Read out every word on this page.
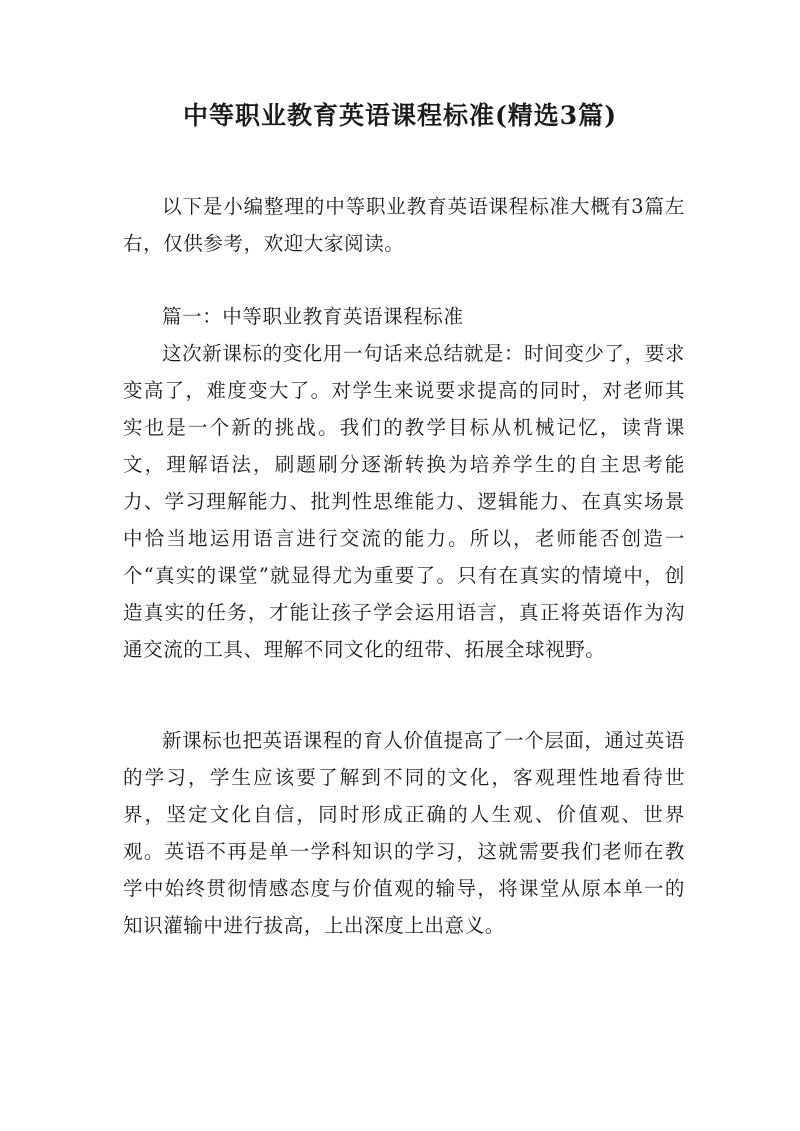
中等职业教育英语课程标准(精选3篇)

以下是小编整理的中等职业教育英语课程标准大概有3篇左右，仅供参考，欢迎大家阅读。

篇一：中等职业教育英语课程标准

这次新课标的变化用一句话来总结就是：时间变少了，要求变高了，难度变大了。对学生来说要求提高的同时，对老师其实也是一个新的挑战。我们的教学目标从机械记忆，读背课文，理解语法，刷题刷分逐渐转换为培养学生的自主思考能力、学习理解能力、批判性思维能力、逻辑能力、在真实场景中恰当地运用语言进行交流的能力。所以，老师能否创造一个“真实的课堂”就显得尤为重要了。只有在真实的情境中，创造真实的任务，才能让孩子学会运用语言，真正将英语作为沟通交流的工具、理解不同文化的纽带、拓展全球视野。

新课标也把英语课程的育人价值提高了一个层面，通过英语的学习，学生应该要了解到不同的文化，客观理性地看待世界，坚定文化自信，同时形成正确的人生观、价值观、世界观。英语不再是单一学科知识的学习，这就需要我们老师在教学中始终贯彻情感态度与价值观的输导，将课堂从原本单一的知识灌输中进行拔高，上出深度上出意义。
